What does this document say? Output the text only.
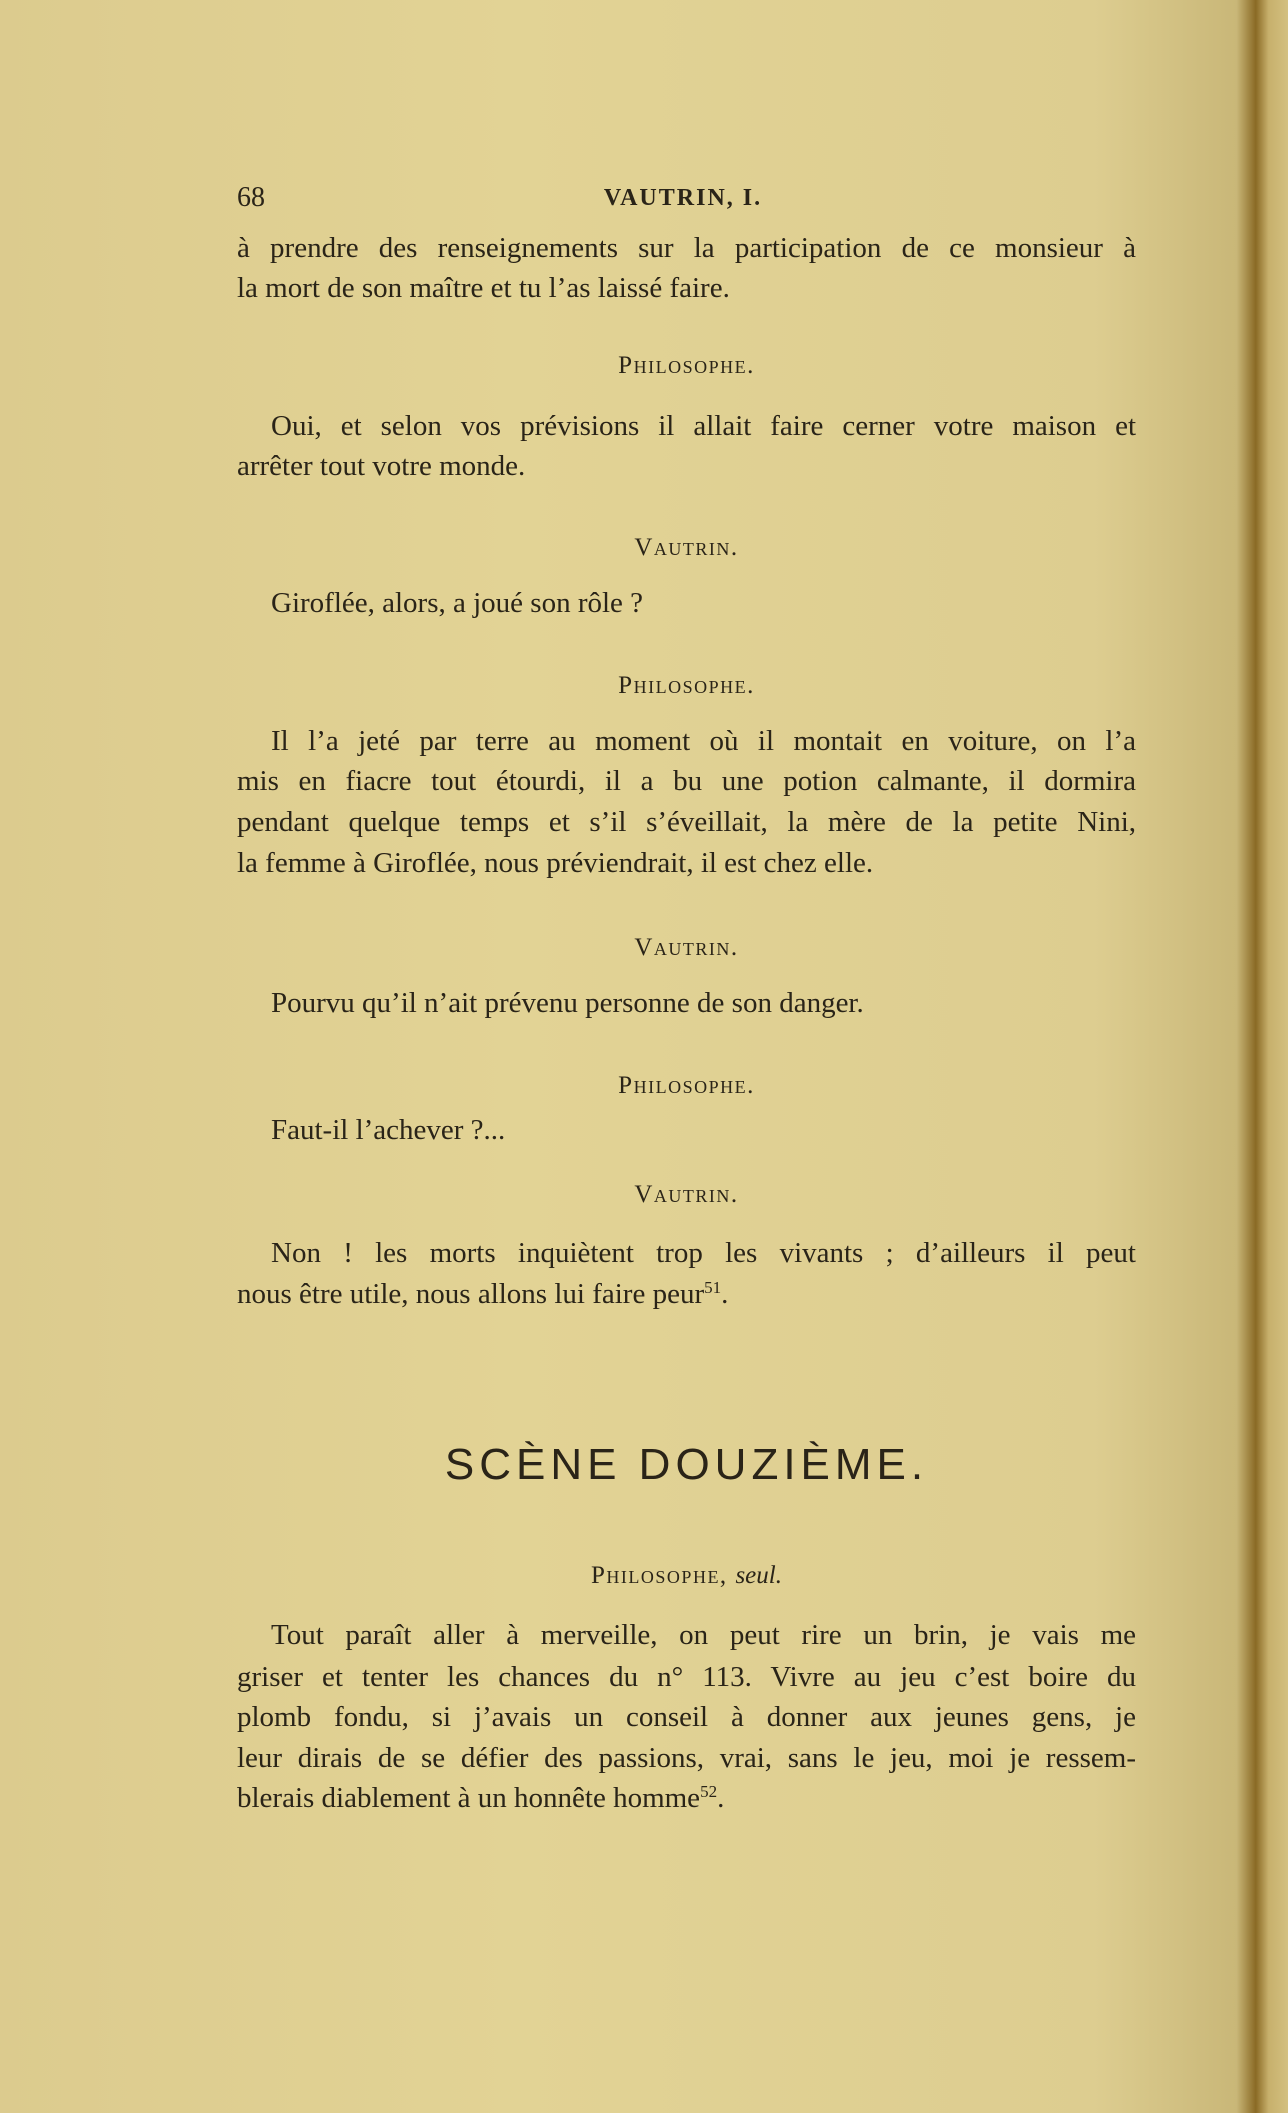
68	VAUTRIN, I.
à prendre des renseignements sur la participation de ce monsieur à
la mort de son maître et tu l’as laissé faire.
Philosophe.
Oui, et selon vos prévisions il allait faire cerner votre maison et
arrêter tout votre monde.
Vautrin.
Giroflée, alors, a joué son rôle ?
Philosophe.
Il l’a jeté par terre au moment où il montait en voiture, on l’a
mis en fiacre tout étourdi, il a bu une potion calmante, il dormira
pendant quelque temps et s’il s’éveillait, la mère de la petite Nini,
la femme à Giroflée, nous préviendrait, il est chez elle.
Vautrin.
Pourvu qu’il n’ait prévenu personne de son danger.
Philosophe.
Faut-il l’achever ?...
Vautrin.
Non ! les morts inquiètent trop les vivants ; d’ailleurs il peut
nous être utile, nous allons lui faire peur$^{51}$.
SCÈNE DOUZIÈME.
Philosophe, seul.
Tout paraît aller à merveille, on peut rire un brin, je vais me
griser et tenter les chances du n° 113. Vivre au jeu c’est boire du
plomb fondu, si j’avais un conseil à donner aux jeunes gens, je
leur dirais de se défier des passions, vrai, sans le jeu, moi je ressem-
blerais diablement à un honnête homme$^{52}$.
